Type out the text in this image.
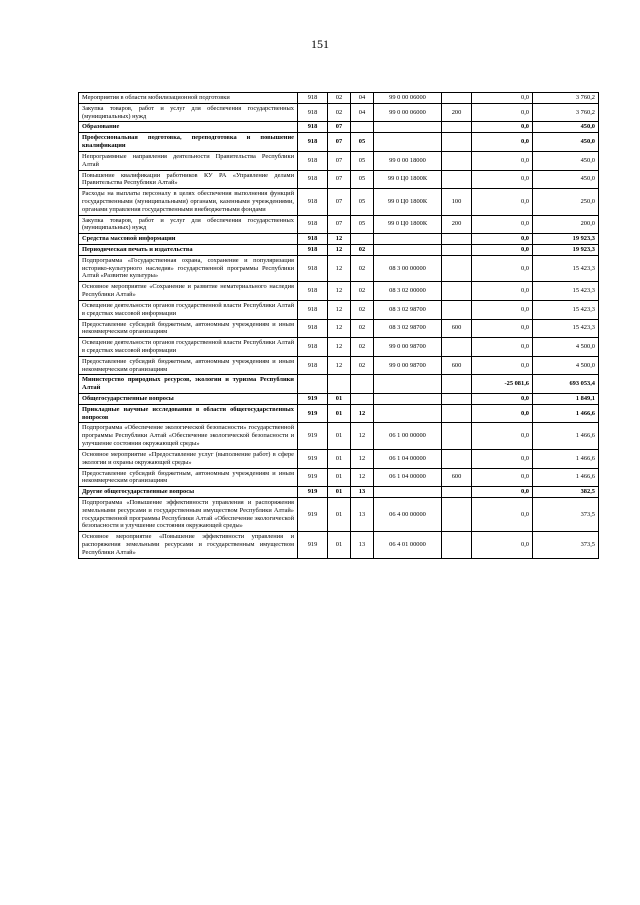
151
Мероприятия в области мобилизационной подготовки	918	02	04	99 0 00 06000		0,0	3 760,2
Закупка товаров, работ и услуг для обеспечения государственных (муниципальных) нужд	918	02	04	99 0 00 06000	200	0,0	3 760,2
Образование	918	07				0,0	450,0
Профессиональная подготовка, переподготовка и повышение квалификации	918	07	05			0,0	450,0
Непрограммные направления деятельности Правительства Республики Алтай	918	07	05	99 0 00 18000		0,0	450,0
Повышение квалификации работников КУ РА «Управление делами Правительства Республики Алтай»	918	07	05	99 0 Ц0 1800К		0,0	450,0
Расходы на выплаты персоналу в целях обеспечения выполнения функций государственными (муниципальными) органами, казенными учреждениями, органами управления государственными внебюджетными фондами	918	07	05	99 0 Ц0 1800К	100	0,0	250,0
Закупка товаров, работ и услуг для обеспечения государственных (муниципальных) нужд	918	07	05	99 0 Ц0 1800К	200	0,0	200,0
Средства массовой информации	918	12				0,0	19 923,3
Периодическая печать и издательства	918	12	02			0,0	19 923,3
Подпрограмма «Государственная охрана, сохранение и популяризация историко-культурного наследия» государственной программы Республики Алтай «Развитие культуры»	918	12	02	08 3 00 00000		0,0	15 423,3
Основное мероприятие «Сохранение и развитие нематериального наследия Республики Алтай»	918	12	02	08 3 02 00000		0,0	15 423,3
Освещение деятельности органов государственной власти Республики Алтай в средствах массовой информации	918	12	02	08 3 02 98700		0,0	15 423,3
Предоставление субсидий бюджетным, автономным учреждениям и иным некоммерческим организациям	918	12	02	08 3 02 98700	600	0,0	15 423,3
Освещение деятельности органов государственной власти Республики Алтай в средствах массовой информации	918	12	02	99 0 00 98700		0,0	4 500,0
Предоставление субсидий бюджетным, автономным учреждениям и иным некоммерческим организациям	918	12	02	99 0 00 98700	600	0,0	4 500,0
Министерство природных ресурсов, экологии и туризма Республики Алтай						-25 081,6	693 053,4
Общегосударственные вопросы	919	01				0,0	1 849,1
Прикладные научные исследования в области общегосударственных вопросов	919	01	12			0,0	1 466,6
Подпрограмма «Обеспечение экологической безопасности» государственной программы Республики Алтай «Обеспечение экологической безопасности и улучшение состояния окружающей среды»	919	01	12	06 1 00 00000		0,0	1 466,6
Основное мероприятие «Предоставление услуг (выполнение работ) в сфере экологии и охраны окружающей среды»	919	01	12	06 1 04 00000		0,0	1 466,6
Предоставление субсидий бюджетным, автономным учреждениям и иным некоммерческим организациям	919	01	12	06 1 04 00000	600	0,0	1 466,6
Другие общегосударственные вопросы	919	01	13			0,0	382,5
Подпрограмма «Повышение эффективности управления и распоряжения земельными ресурсами и государственным имуществом Республики Алтай» государственной программы Республики Алтай «Обеспечение экологической безопасности и улучшение состояния окружающей среды»	919	01	13	06 4 00 00000		0,0	373,5
Основное мероприятие «Повышение эффективности управления и распоряжения земельными ресурсами и государственным имуществом Республики Алтай»	919	01	13	06 4 01 00000		0,0	373,5
